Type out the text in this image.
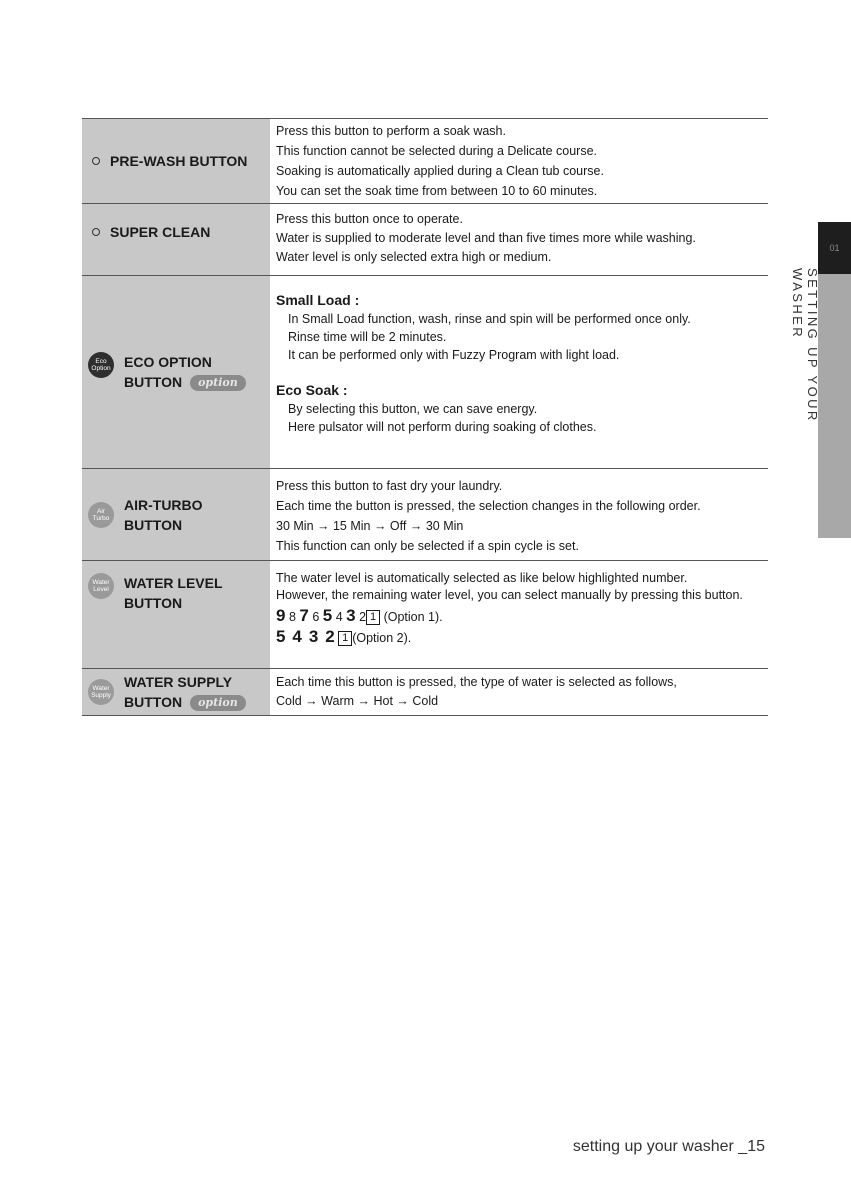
PRE-WASH BUTTON

Press this button to perform a soak wash.

This function cannot be selected during a Delicate course.

Soaking is automatically applied during a Clean tub course.

You can set the soak time from between 10 to 60 minutes.

SUPER CLEAN

Press this button once to operate.

Water is supplied to moderate level and than five times more while washing.

Water level is only selected extra high or medium.

Eco Option ECO OPTION
BUTTON option

Small Load :

In Small Load function, wash, rinse and spin will be performed once only.

Rinse time will be 2 minutes.

It can be performed only with Fuzzy Program with light load.

Eco Soak :

By selecting this button, we can save energy.

Here pulsator will not perform during soaking of clothes.

Air Turbo
AIR-TURBO
BUTTON

Press this button to fast dry your laundry.

Each time the button is pressed, the selection changes in the following order.

30 Min → 15 Min → Off → 30 Min

This function can only be selected if a spin cycle is set.

Water Level	WATER LEVEL
BUTTON

The water level is automatically selected as like below highlighted number.

However, the remaining water level, you can select manually by pressing this button.

9 8 7 6 5 4 3 2 1 (Option 1).

5 4 3 2 1 (Option 2).

Water Supply
WATER SUPPLY
BUTTON option

Each time this button is pressed, the type of water is selected as follows,

Cold → Warm → Hot → Cold

01
SETTING UP YOUR WASHER
setting up your washer _15
